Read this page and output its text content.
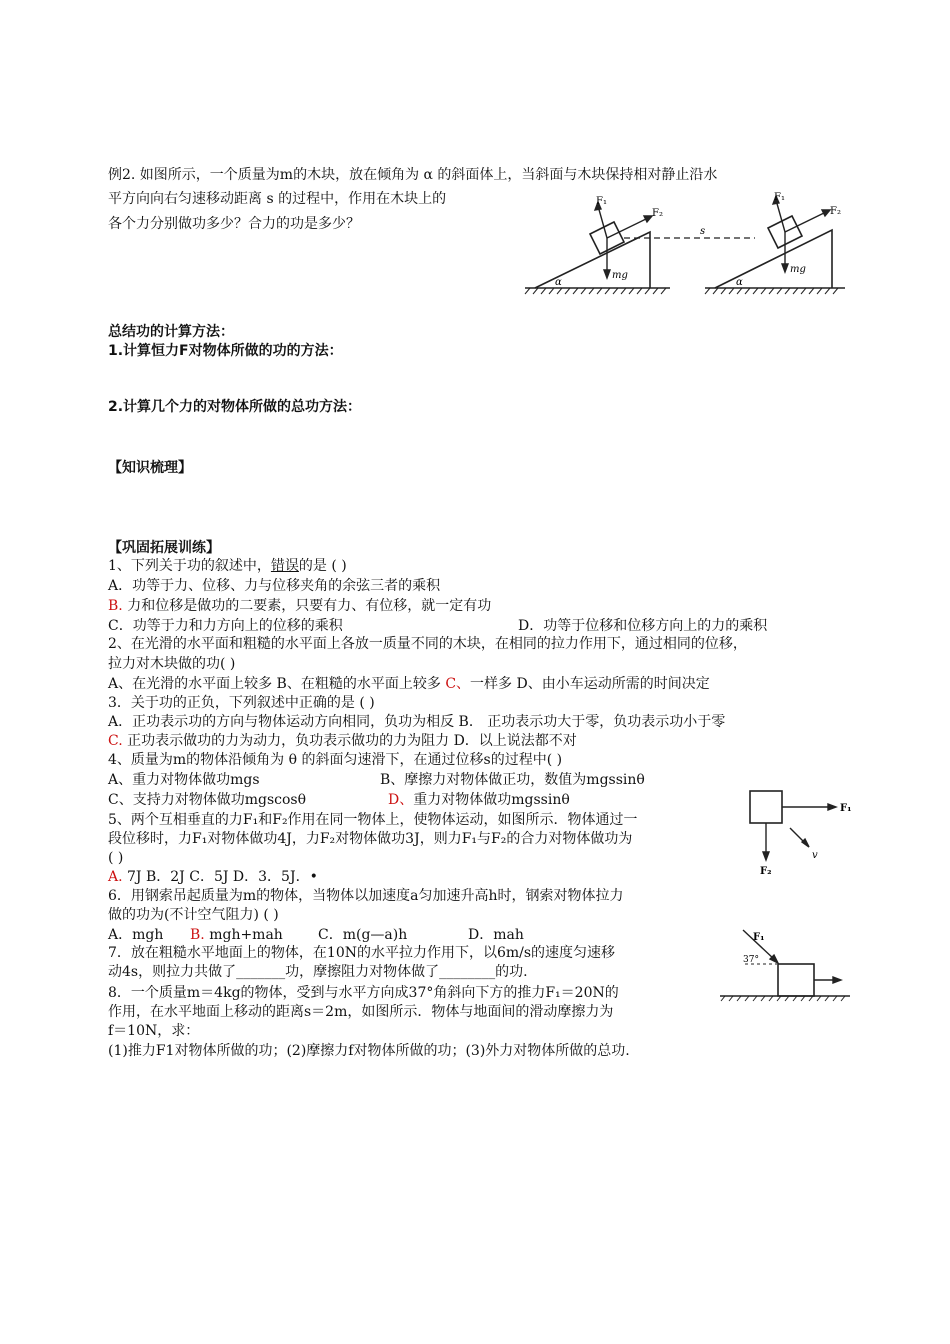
例2. 如图所示，一个质量为m的木块，放在倾角为 α 的斜面体上，当斜面与木块保持相对静止沿水
平方向向右匀速移动距离 s 的过程中，作用在木块上的
各个力分别做功多少？合力的功是多少？
F₁
F₂
mg
α
s
F₁
F₂
mg
α
总结功的计算方法：
1.计算恒力F对物体所做的功的方法：
2.计算几个力的对物体所做的总功方法：
【知识梳理】
【巩固拓展训练】
1、下列关于功的叙述中，错误的是 ( )
A．功等于力、位移、力与位移夹角的余弦三者的乘积
B. 力和位移是做功的二要素，只要有力、有位移，就一定有功
C．功等于力和力方向上的位移的乘积	D．功等于位移和位移方向上的力的乘积
2、在光滑的水平面和粗糙的水平面上各放一质量不同的木块，在相同的拉力作用下，通过相同的位移，
拉力对木块做的功( )
A、在光滑的水平面上较多 B、在粗糙的水平面上较多 C、一样多 D、由小车运动所需的时间决定
3．关于功的正负，下列叙述中正确的是 ( )
A．正功表示功的方向与物体运动方向相同，负功为相反 B． 正功表示功大于零，负功表示功小于零
C. 正功表示做功的力为动力，负功表示做功的力为阻力 D．以上说法都不对
4、质量为m的物体沿倾角为 θ 的斜面匀速滑下，在通过位移s的过程中( )
A、重力对物体做功mgs	B、摩擦力对物体做正功，数值为mgssinθ
C、支持力对物体做功mgscosθ	D、重力对物体做功mgssinθ
5、两个互相垂直的力F₁和F₂作用在同一物体上，使物体运动，如图所示．物体通过一
段位移时，力F₁对物体做功4J，力F₂对物体做功3J，则力F₁与F₂的合力对物体做功为
( )
A. 7J B．2J C．5J D．3．5J．•
F₁
F₂
v
6．用钢索吊起质量为m的物体，当物体以加速度a匀加速升高h时，钢索对物体拉力
做的功为(不计空气阻力) ( )
A．mgh B. mgh+mah	C．m(g—a)h	D．mah
7．放在粗糙水平地面上的物体，在10N的水平拉力作用下，以6m/s的速度匀速移
动4s，则拉力共做了_______功，摩擦阻力对物体做了________的功.
8．一个质量m＝4kg的物体，受到与水平方向成37°角斜向下方的推力F₁＝20N的
作用，在水平地面上移动的距离s＝2m，如图所示．物体与地面间的滑动摩擦力为
f＝10N，求：
(1)推力F1对物体所做的功；(2)摩擦力f对物体所做的功；(3)外力对物体所做的总功.
F₁
37°
